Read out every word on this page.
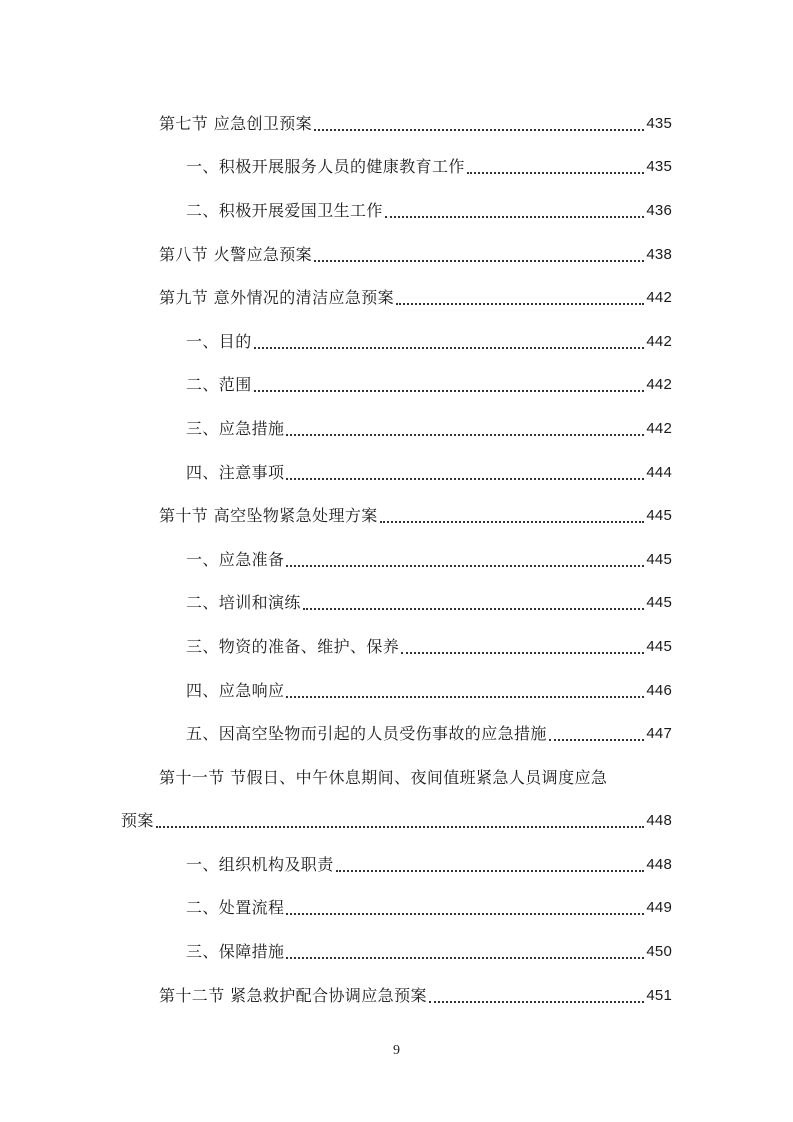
第七节 应急创卫预案	435
一、积极开展服务人员的健康教育工作	435
二、积极开展爱国卫生工作	436
第八节 火警应急预案	438
第九节 意外情况的清洁应急预案	442
一、目的	442
二、范围	442
三、应急措施	442
四、注意事项	444
第十节 高空坠物紧急处理方案	445
一、应急准备	445
二、培训和演练	445
三、物资的准备、维护、保养	445
四、应急响应	446
五、因高空坠物而引起的人员受伤事故的应急措施	447
第十一节 节假日、中午休息期间、夜间值班紧急人员调度应急
预案	448
一、组织机构及职责	448
二、处置流程	449
三、保障措施	450
第十二节 紧急救护配合协调应急预案	451
9
